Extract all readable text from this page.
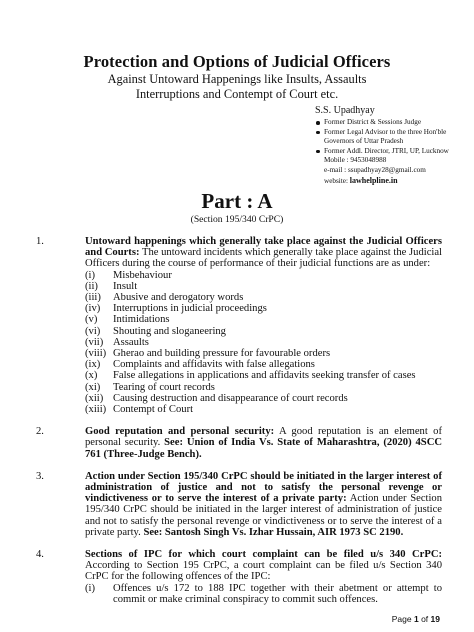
Protection and Options of Judicial Officers
Against Untoward Happenings like Insults, Assaults
Interruptions and Contempt of Court etc.
S.S. Upadhyay
Former District & Sessions Judge
Former Legal Advisor to the three Hon'ble Governors of Uttar Pradesh
Former Addl. Director, JTRI, UP, Lucknow
Mobile : 9453048988
e-mail : ssupadhyay28@gmail.com
website: lawhelpline.in
Part : A
(Section 195/340 CrPC)
1.	Untoward happenings which generally take place against the Judicial Officers and Courts: The untoward incidents which generally take place against the Judicial Officers during the course of performance of their judicial functions are as under:
(i)	Misbehaviour
(ii)	Insult
(iii)	Abusive and derogatory words
(iv)	Interruptions in judicial proceedings
(v)	Intimidations
(vi)	Shouting and sloganeering
(vii) Assaults
(viii) Gherao and building pressure for favourable orders
(ix)	Complaints and affidavits with false allegations
(x)	False allegations in applications and affidavits seeking transfer of cases
(xi)	Tearing of court records
(xii) Causing destruction and disappearance of court records
(xiii) Contempt of Court
2.	Good reputation and personal security: A good reputation is an element of personal security. See: Union of India Vs. State of Maharashtra, (2020) 4SCC 761 (Three-Judge Bench).
3.	Action under Section 195/340 CrPC should be initiated in the larger interest of administration of justice and not to satisfy the personal revenge or vindictiveness or to serve the interest of a private party: Action under Section 195/340 CrPC should be initiated in the larger interest of administration of justice and not to satisfy the personal revenge or vindictiveness or to serve the interest of a private party. See: Santosh Singh Vs. Izhar Hussain, AIR 1973 SC 2190.
4.	Sections of IPC for which court complaint can be filed u/s 340 CrPC: According to Section 195 CrPC, a court complaint can be filed u/s Section 340 CrPC for the following offences of the IPC:
(i)	Offences u/s 172 to 188 IPC together with their abetment or attempt to commit or make criminal conspiracy to commit such offences.
Page 1 of 19
